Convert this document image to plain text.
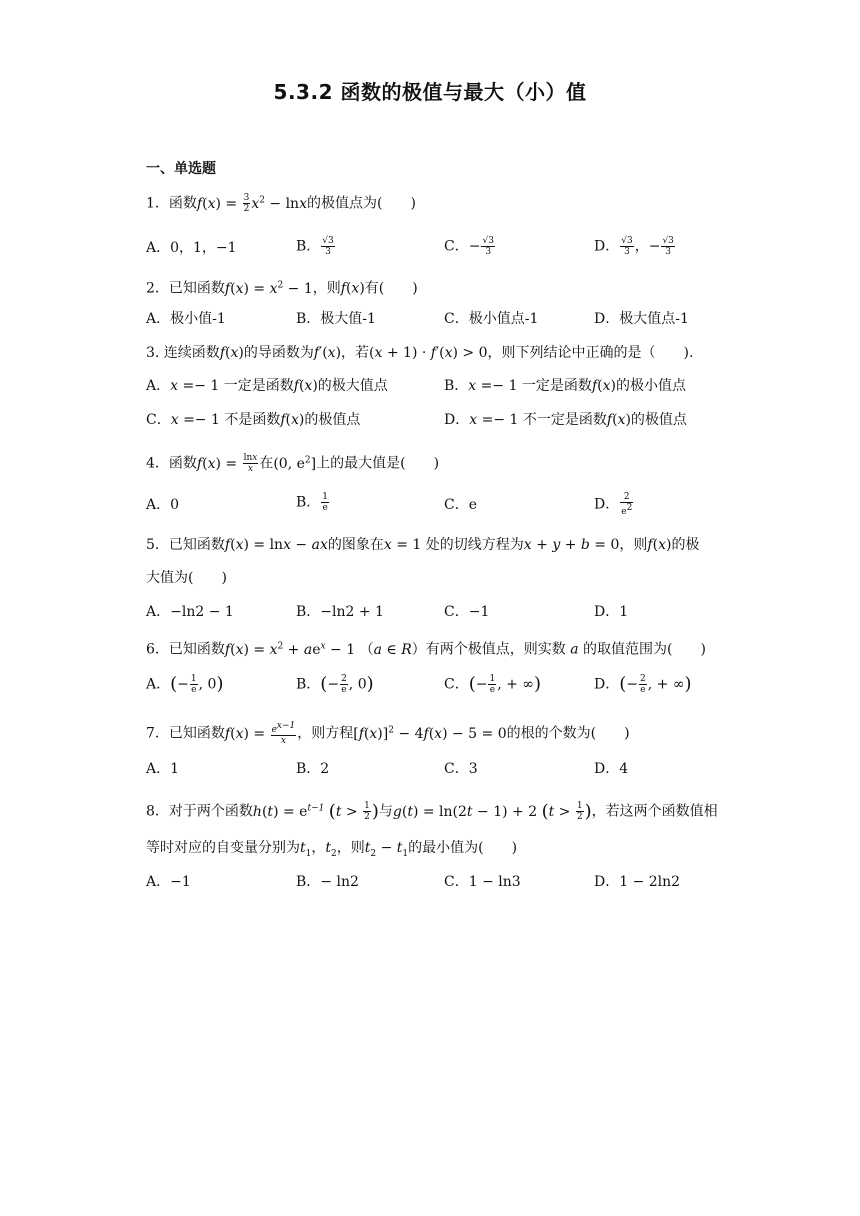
5.3.2 函数的极值与最大（小）值
一、单选题
1．函数$f(x) = \frac{3}{2} x^2 - \ln x$的极值点为(　　)
A．0，1，−1	B． $\frac{√3}{3}$	C．− $\frac{√3}{3}$	D． $\frac{√3}{3}$ ，− $\frac{√3}{3}$
2．已知函数$f(x) = x^2 - 1$，则f(x)有(　　)
A．极小值-1	B．极大值-1	C．极小值点-1	D．极大值点-1
3. 连续函数f(x)的导函数为f′(x)，若(x + 1) · f′(x) > 0，则下列结论中正确的是（　　).
A．x =− 1 一定是函数f(x)的极大值点	B．x =− 1 一定是函数f(x)的极小值点
C．x =− 1 不是函数f(x)的极值点	D．x =− 1 不一定是函数f(x)的极值点
4．函数$f(x) = \frac{\ln x}{x}$ 在(0, $e^2$]上的最大值是(　　)
A．0	B． $\frac{1}{e}$	C．e	D． $\frac{2}{e^2}$
5．已知函数f(x) = lnx − ax的图象在x = 1 处的切线方程为x + y + b = 0，则f(x)的极
大值为(　　)
A．−ln2 − 1	B．−ln2 + 1	C．−1	D．1
6．已知函数$f(x) = x^2 + ae^x - 1$ （a ∈ R）有两个极值点，则实数 a 的取值范围为(　　)
A．(− $\frac{1}{e}$ , 0)	B．(− $\frac{2}{e}$ , 0)	C．(− $\frac{1}{e}$ , + ∞)	D．(− $\frac{2}{e}$ , + ∞)
7．已知函数$f(x) = \frac{e^{x-1}}{x}$ ，则方程$[f(x)]^2 - 4f(x) - 5 = 0$的根的个数为(　　)
A．1	B．2	C．3	D．4
8．对于两个函数$h(t) = e^{t-1}$ ($t > \frac{1}{2}$ )与g(t) = ln(2t − 1) + 2 ($t > \frac{1}{2}$ )，若这两个函数值相
等时对应的自变量分别为$t_1$，$t_2$，则$t_2 - t_1$的最小值为(　　)
A．−1	B．− ln2	C．1 − ln3	D．1 − 2ln2
